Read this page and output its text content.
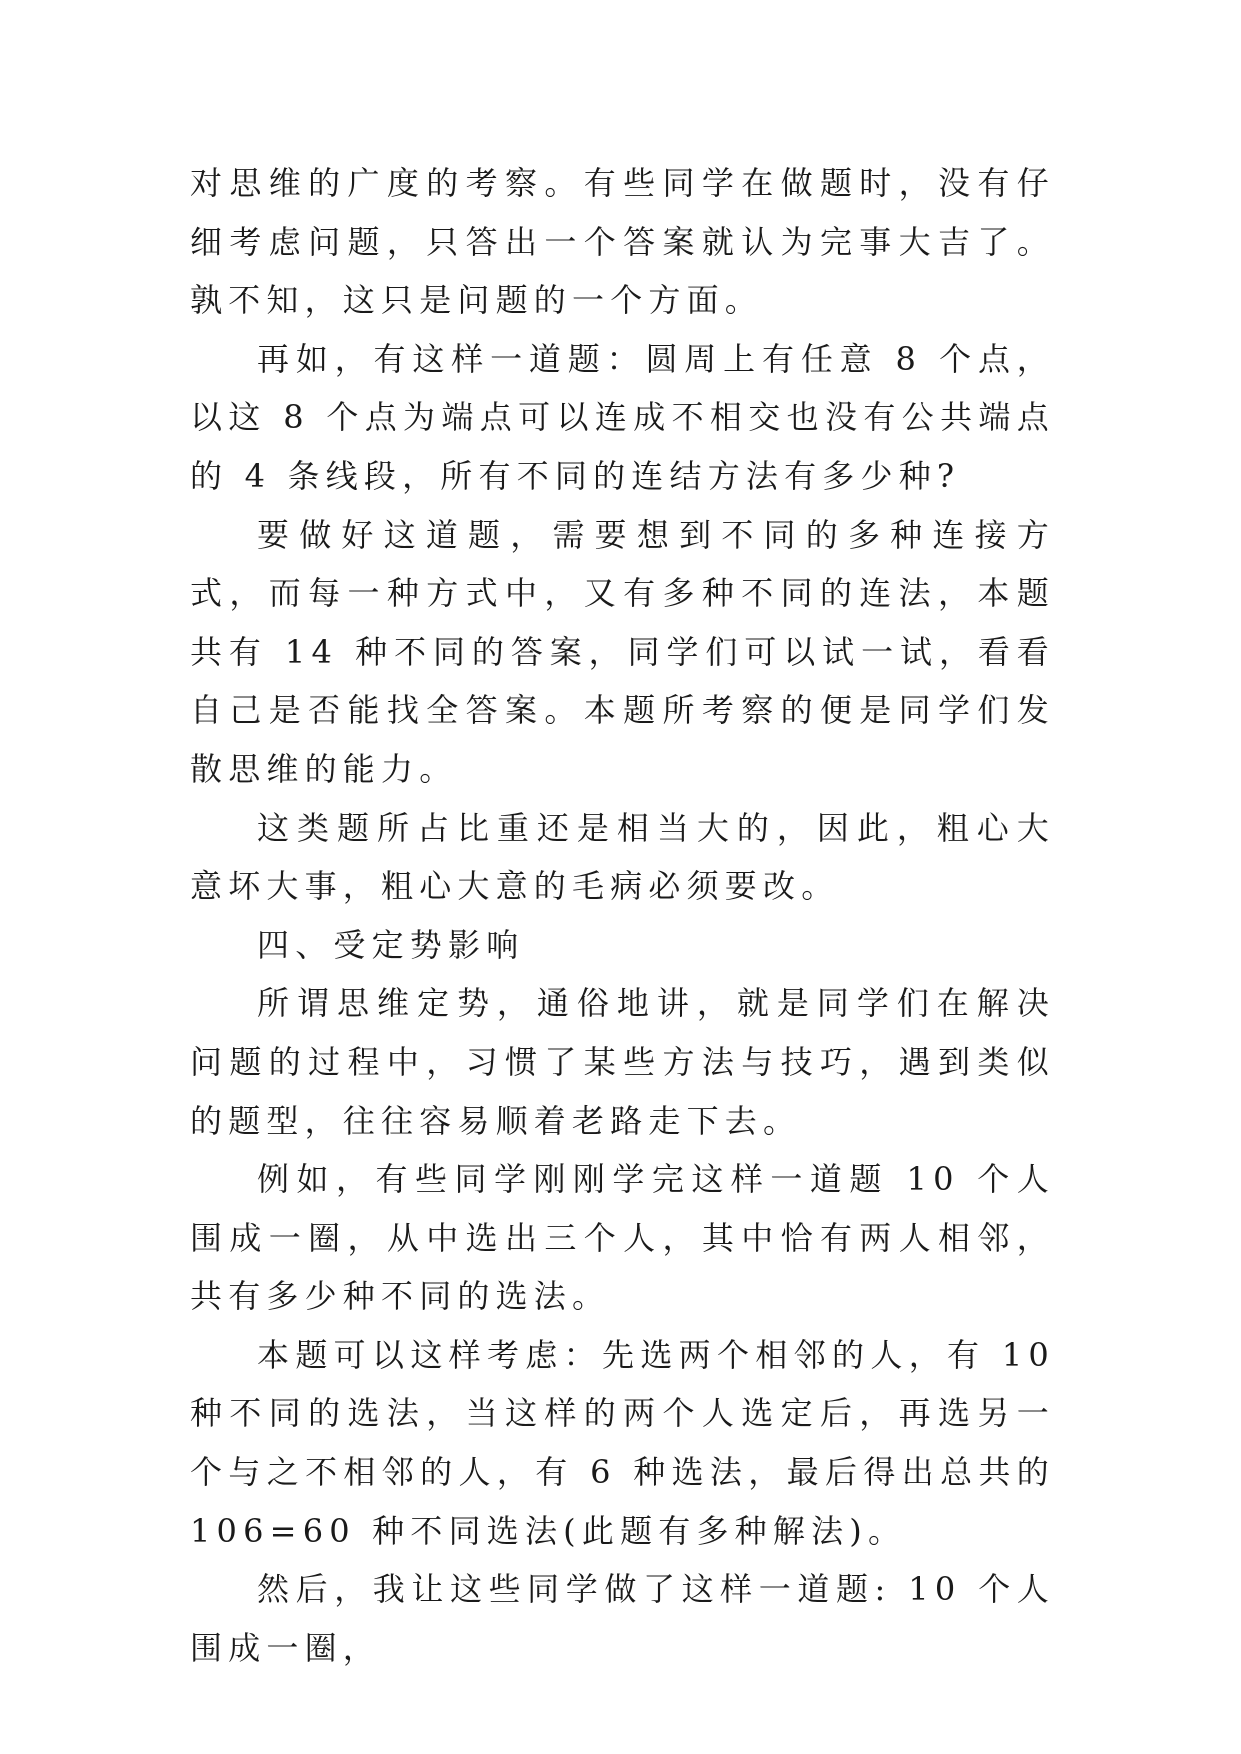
对思维的广度的考察。有些同学在做题时，没有仔细考虑问题，只答出一个答案就认为完事大吉了。孰不知，这只是问题的一个方面。

再如，有这样一道题：圆周上有任意 8 个点，以这 8 个点为端点可以连成不相交也没有公共端点的 4 条线段，所有不同的连结方法有多少种?

要做好这道题，需要想到不同的多种连接方式，而每一种方式中，又有多种不同的连法，本题共有 14 种不同的答案，同学们可以试一试，看看自己是否能找全答案。本题所考察的便是同学们发散思维的能力。

这类题所占比重还是相当大的，因此，粗心大意坏大事，粗心大意的毛病必须要改。

四、受定势影响

所谓思维定势，通俗地讲，就是同学们在解决问题的过程中，习惯了某些方法与技巧，遇到类似的题型，往往容易顺着老路走下去。

例如，有些同学刚刚学完这样一道题 10 个人围成一圈，从中选出三个人，其中恰有两人相邻，共有多少种不同的选法。

本题可以这样考虑：先选两个相邻的人，有 10 种不同的选法，当这样的两个人选定后，再选另一个与之不相邻的人，有 6 种选法，最后得出总共的 106=60 种不同选法(此题有多种解法)。

然后，我让这些同学做了这样一道题: 10 个人围成一圈，
